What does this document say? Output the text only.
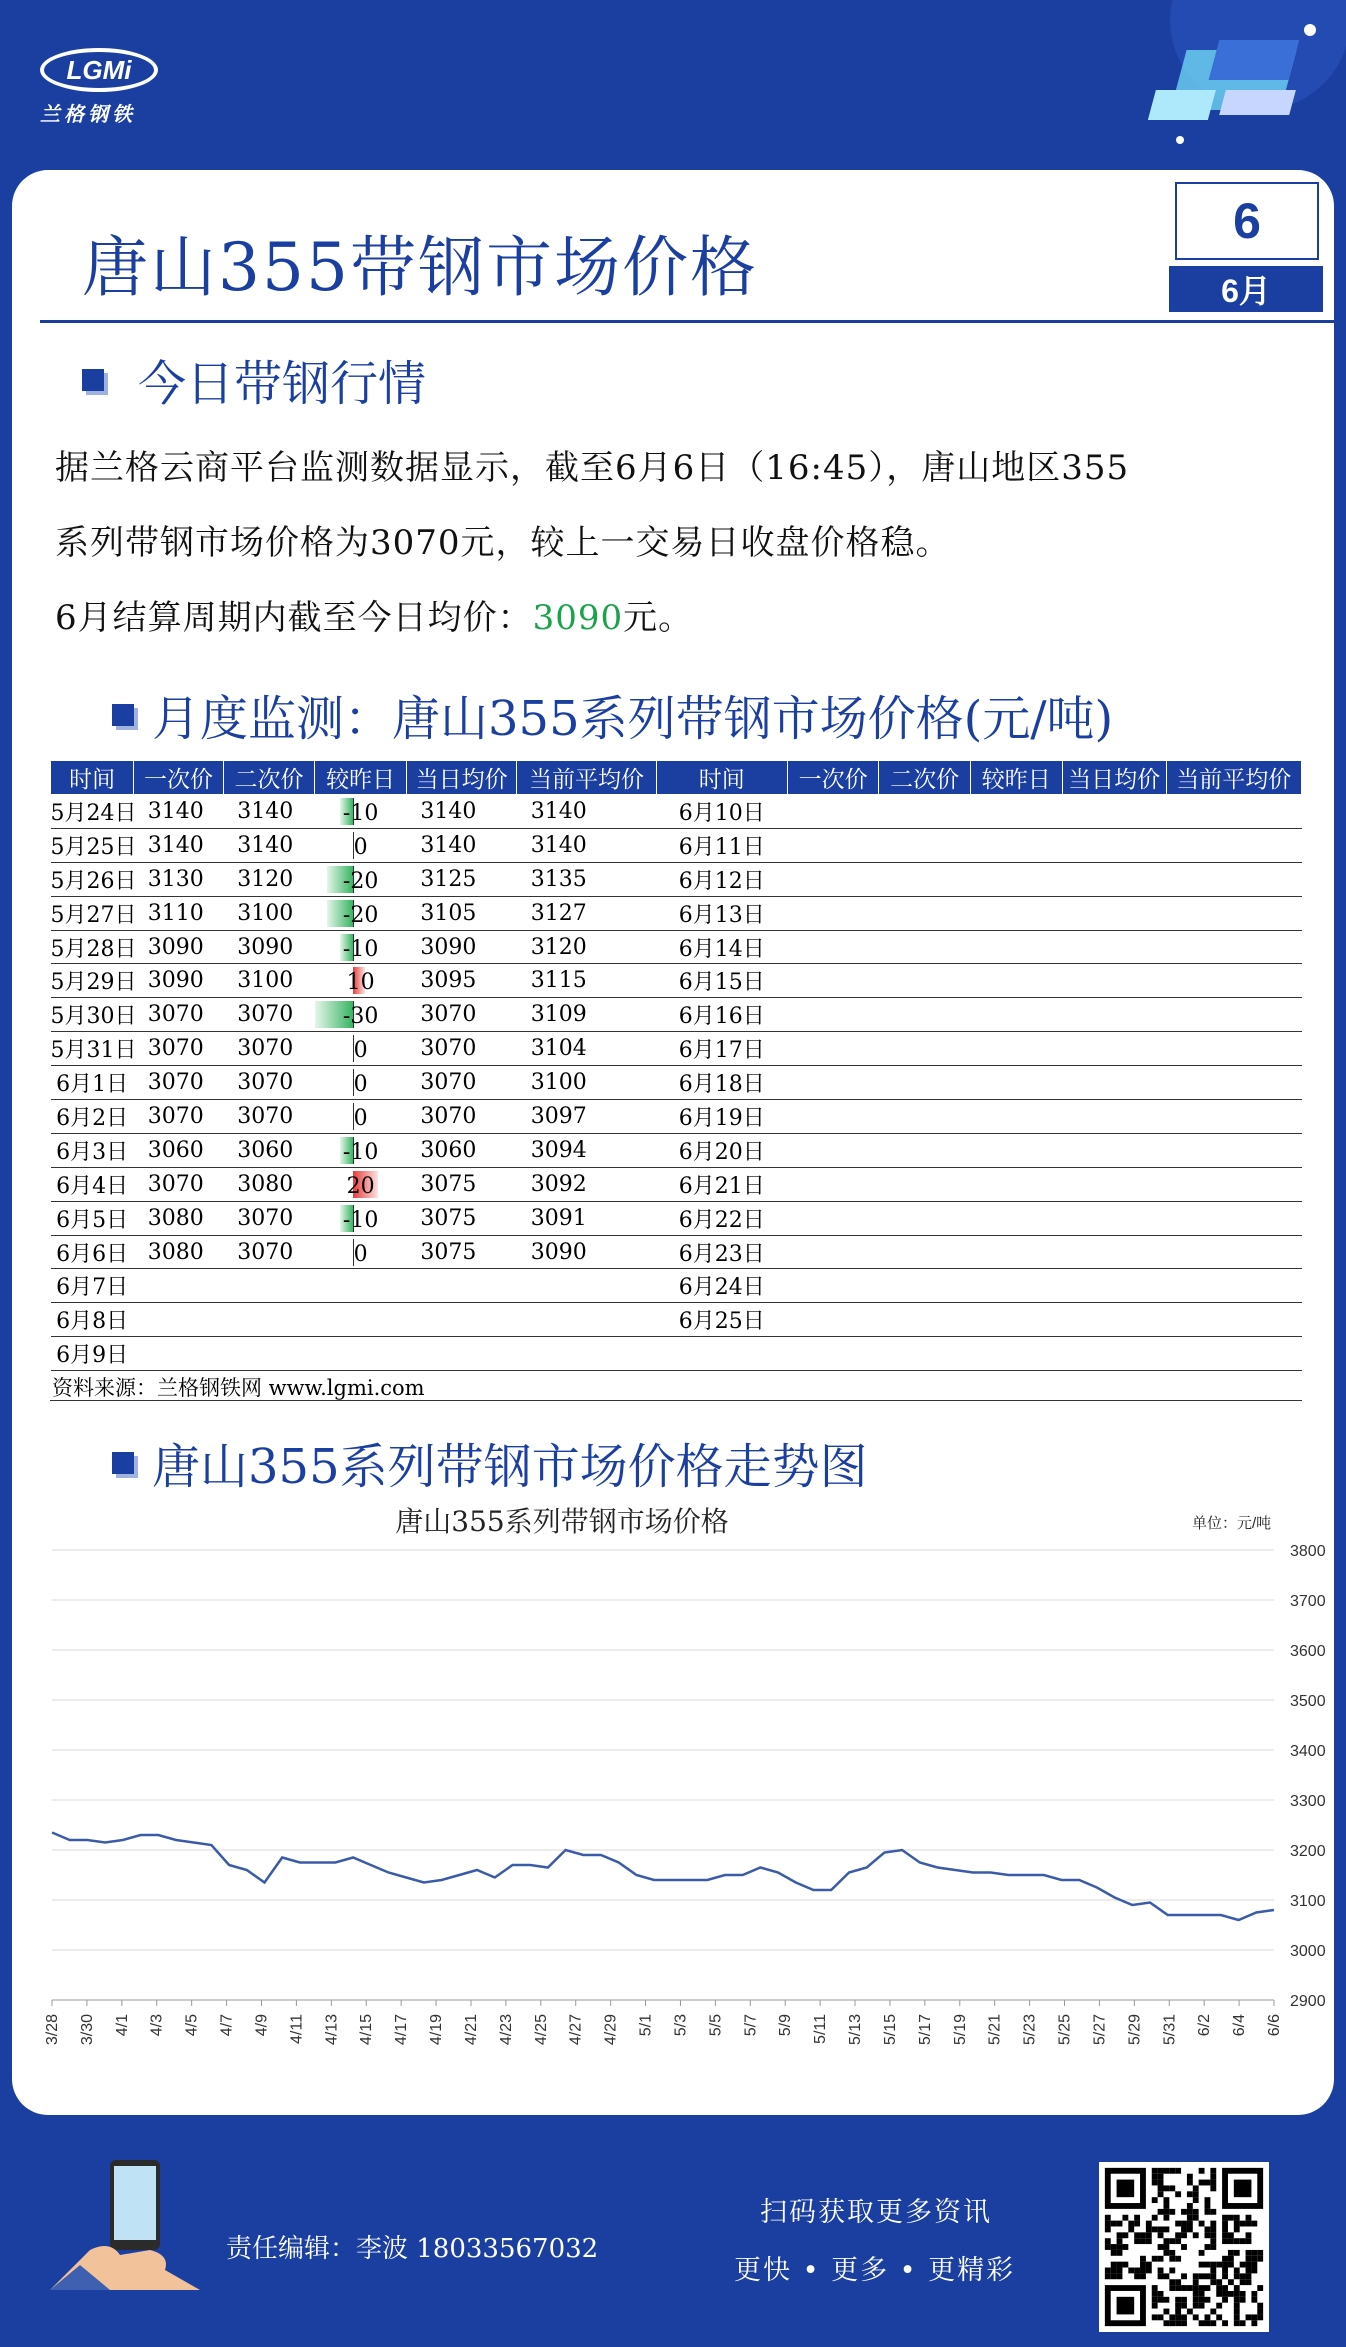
LGMi
兰格钢铁
唐山355带钢市场价格
6
6月
今日带钢行情
据兰格云商平台监测数据显示，截至6月6日（16:45），唐山地区355
系列带钢市场价格为3070元，较上一交易日收盘价格稳。
6月结算周期内截至今日均价：3090元。
月度监测：唐山355系列带钢市场价格(元/吨)
时间	一次价	二次价	较昨日	当日均价	当前平均价	时间	一次价	二次价	较昨日	当日均价	当前平均价
5月24日	3140	3140	-10	3140	3140	6月10日					
5月25日	3140	3140	0	3140	3140	6月11日					
5月26日	3130	3120	-20	3125	3135	6月12日					
5月27日	3110	3100	-20	3105	3127	6月13日					
5月28日	3090	3090	-10	3090	3120	6月14日					
5月29日	3090	3100	10	3095	3115	6月15日					
5月30日	3070	3070	-30	3070	3109	6月16日					
5月31日	3070	3070	0	3070	3104	6月17日					
6月1日	3070	3070	0	3070	3100	6月18日					
6月2日	3070	3070	0	3070	3097	6月19日					
6月3日	3060	3060	-10	3060	3094	6月20日					
6月4日	3070	3080	20	3075	3092	6月21日					
6月5日	3080	3070	-10	3075	3091	6月22日					
6月6日	3080	3070	0	3075	3090	6月23日					
6月7日						6月24日					
6月8日						6月25日					
6月9日											
资料来源：兰格钢铁网 www.lgmi.com
唐山355系列带钢市场价格走势图
唐山355系列带钢市场价格	单位：元/吨
2900
3000
3100
3200
3300
3400
3500
3600
3700
3800
3/28 3/30 4/1 4/3 4/5 4/7 4/9 4/11 4/13 4/15 4/17 4/19 4/21 4/23 4/25 4/27 4/29 5/1 5/3 5/5 5/7 5/9 5/11 5/13 5/15 5/17 5/19 5/21 5/23 5/25 5/27 5/29 5/31 6/2 6/4 6/6
责任编辑：李波 18033567032
扫码获取更多资讯
更快 • 更多 • 更精彩
